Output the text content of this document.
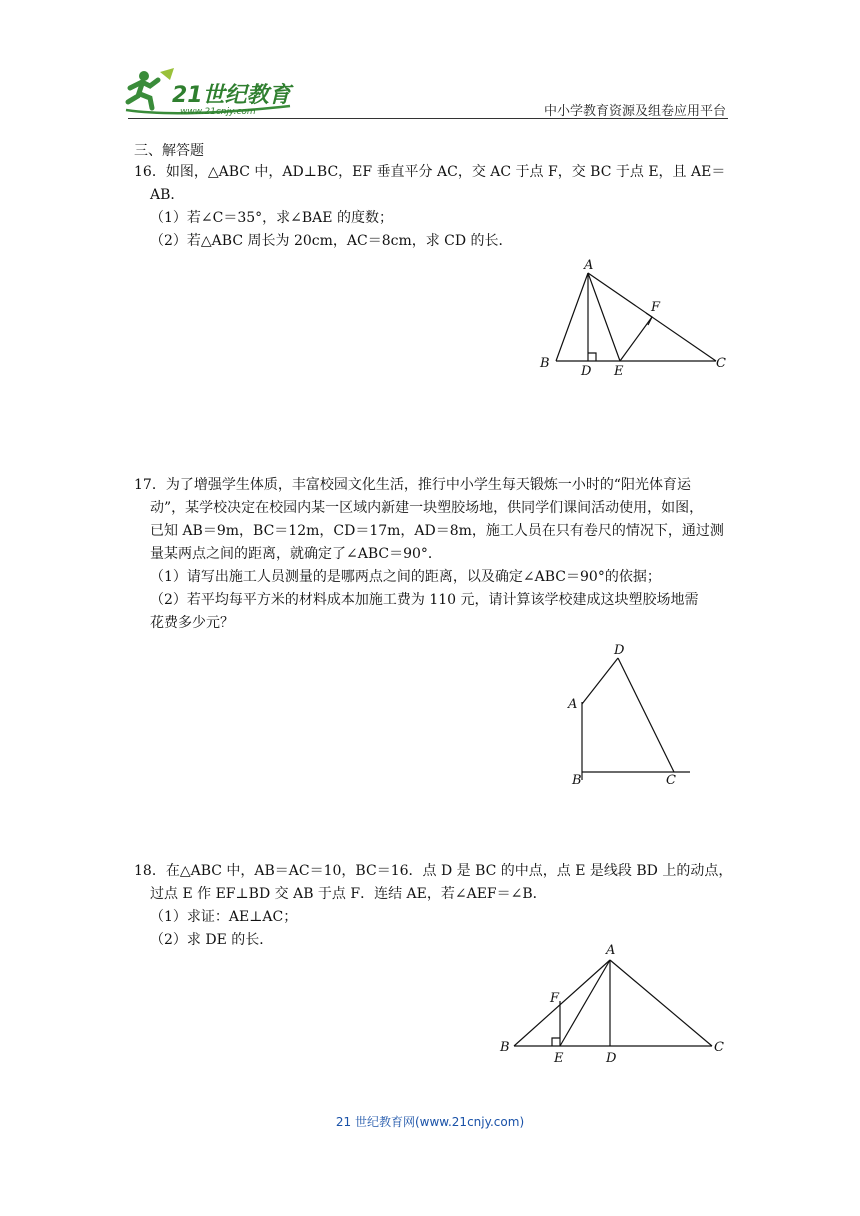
21世纪教育
www.21cnjy.com	中小学教育资源及组卷应用平台
三、解答题
16．如图，△ABC 中，AD⊥BC，EF 垂直平分 AC，交 AC 于点 F，交 BC 于点 E，且 AE＝
AB．
（1）若∠C＝35°，求∠BAE 的度数；
（2）若△ABC 周长为 20cm，AC＝8cm，求 CD 的长．
A
B	C
D E
F
17．为了增强学生体质，丰富校园文化生活，推行中小学生每天锻炼一小时的“阳光体育运
动”，某学校决定在校园内某一区域内新建一块塑胶场地，供同学们课间活动使用，如图，
已知 AB＝9m，BC＝12m，CD＝17m，AD＝8m，施工人员在只有卷尺的情况下，通过测
量某两点之间的距离，就确定了∠ABC＝90°．
（1）请写出施工人员测量的是哪两点之间的距离，以及确定∠ABC＝90°的依据；
（2）若平均每平方米的材料成本加施工费为 110 元，请计算该学校建成这块塑胶场地需
花费多少元？
D
A
B	C
18．在△ABC 中，AB＝AC＝10，BC＝16．点 D 是 BC 的中点，点 E 是线段 BD 上的动点，
过点 E 作 EF⊥BD 交 AB 于点 F．连结 AE，若∠AEF＝∠B．
（1）求证：AE⊥AC；
（2）求 DE 的长．
A
B	C
D
E
F
21 世纪教育网(www.21cnjy.com)
